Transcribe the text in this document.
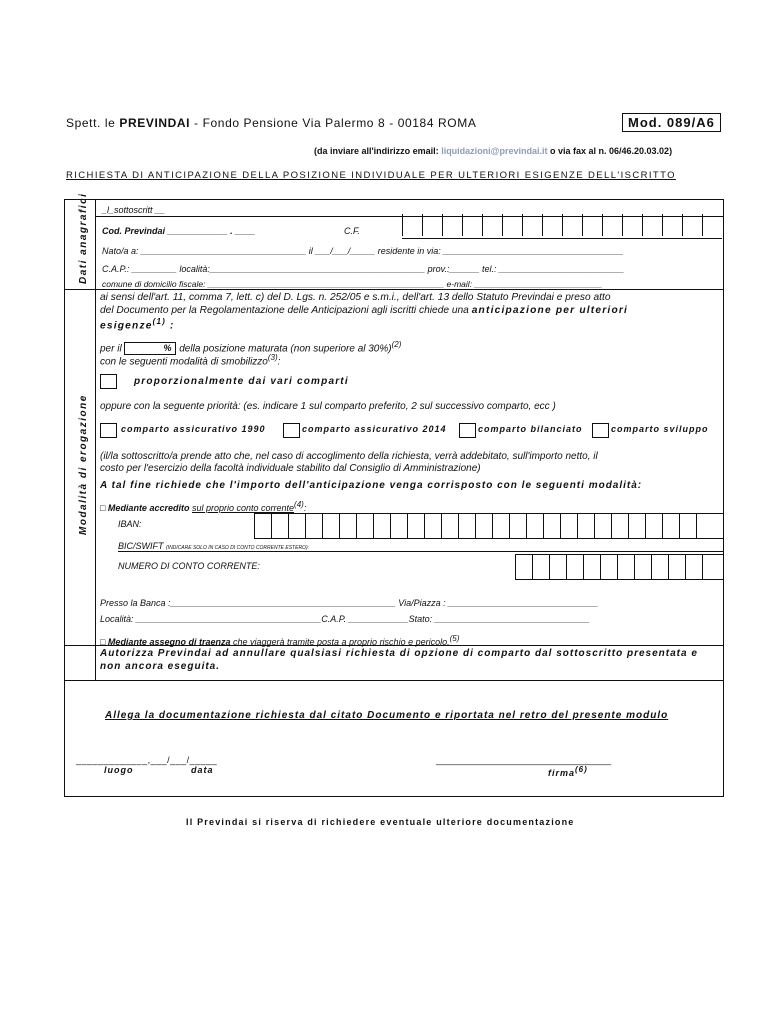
Spett. le PREVINDAI - Fondo Pensione Via Palermo 8 - 00184 ROMA	Mod. 089/A6
(da inviare all'indirizzo email: liquidazioni@previndai.it o via fax al n. 06/46.20.03.02)
RICHIESTA DI ANTICIPAZIONE DELLA POSIZIONE INDIVIDUALE PER ULTERIORI ESIGENZE DELL'ISCRITTO
Dati anagrafici
Modalità di erogazione
_l_sottoscritt __
Cod. Previndai ____________ . ____	C.F.
Nato/a a: _________________________________ il ___/___/_____ residente in via: ____________________________________
C.A.P.: _________ località:___________________________________________ prov.:______ tel.: _________________________
comune di domicilio fiscale: __________________________________________________ e-mail: ___________________________
ai sensi dell'art. 11, comma 7, lett. c) del D. Lgs. n. 252/05 e s.m.i., dell'art. 13 dello Statuto Previndai e preso atto
del Documento per la Regolamentazione delle Anticipazioni agli iscritti chiede una anticipazione per ulteriori
esigenze$^{(1)}$ :
per il	% della posizione maturata (non superiore al 30%)$^{(2)}$
con le seguenti modalità di smobilizzo$^{(3)}$:
proporzionalmente dai vari comparti
oppure con la seguente priorità: (es. indicare 1 sul comparto preferito, 2 sul successivo comparto, ecc )
comparto assicurativo 1990	comparto assicurativo 2014	comparto bilanciato	comparto sviluppo
(il/la sottoscritto/a prende atto che, nel caso di accoglimento della richiesta, verrà addebitato, sull'importo netto, il
costo per l'esercizio della facoltà individuale stabilito dal Consiglio di Amministrazione)
A tal fine richiede che l'importo dell'anticipazione venga corrisposto con le seguenti modalità:
□ Mediante accredito sul proprio conto corrente$^{(4)}$:
IBAN:
BIC/SWIFT (INDICARE SOLO IN CASO DI CONTO CORRENTE ESTERO):
NUMERO DI CONTO CORRENTE:
Presso la Banca :_____________________________________________ Via/Piazza : ______________________________
Località: _____________________________________C.A.P. ____________Stato: _______________________________
□ Mediante assegno di traenza che viaggerà tramite posta a proprio rischio e pericolo.$^{(5)}$
Autorizza Previndai ad annullare qualsiasi richiesta di opzione di comparto dal sottoscritto presentata e non ancora eseguita.
Allega la documentazione richiesta dal citato Documento e riportata nel retro del presente modulo
_____________,___/___/_____
luogo	data
___________________________________
firma$^{(6)}$
Il Previndai si riserva di richiedere eventuale ulteriore documentazione
